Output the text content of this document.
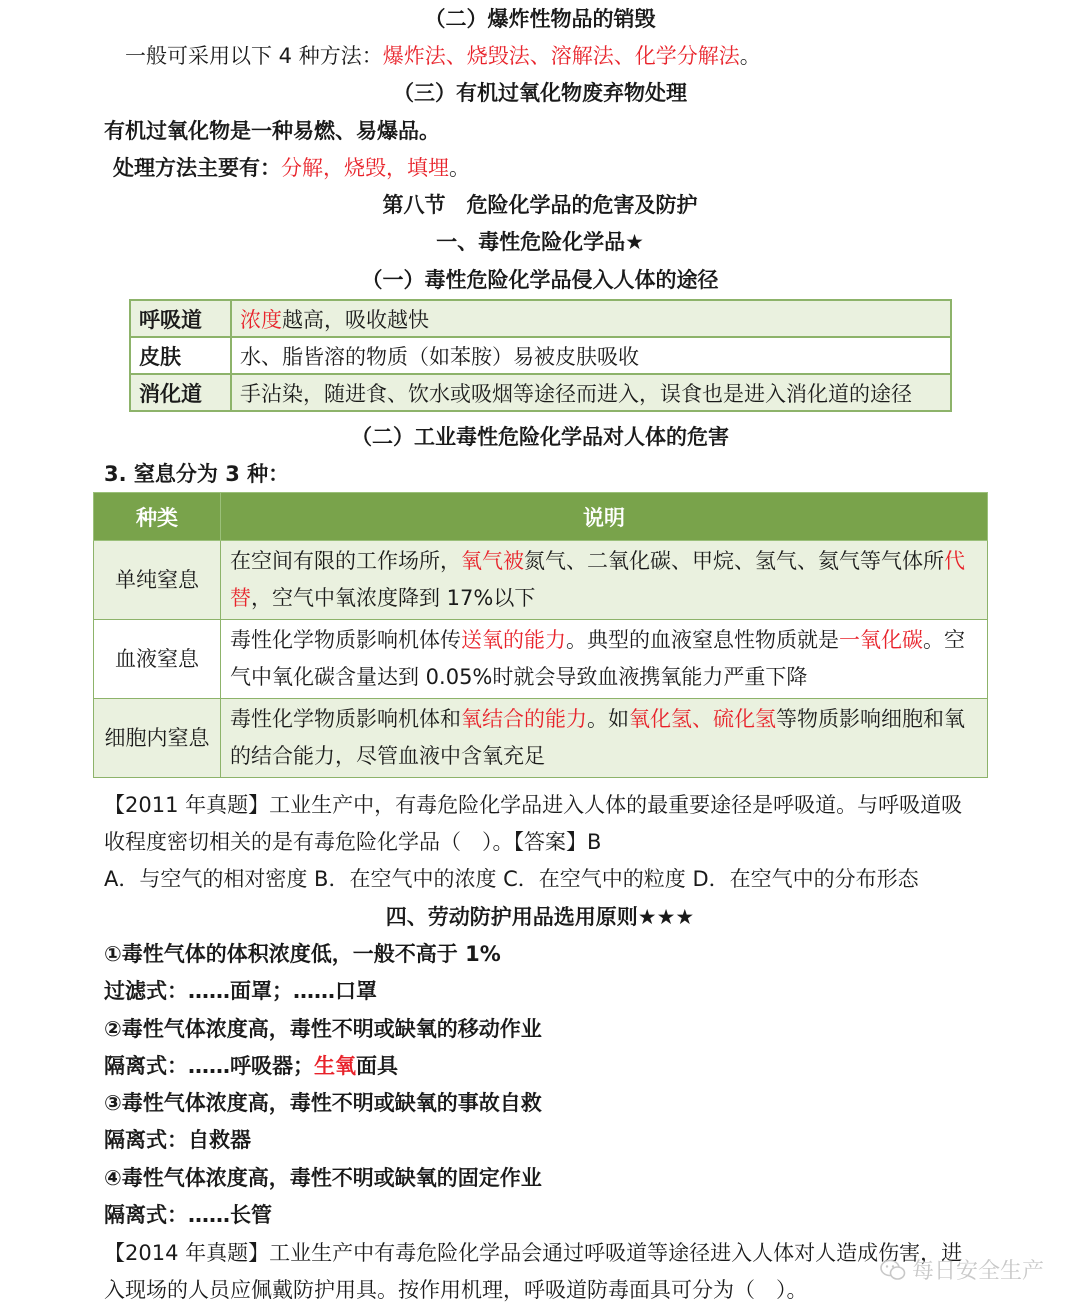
（二）爆炸性物品的销毁
一般可采用以下 4 种方法：爆炸法、烧毁法、溶解法、化学分解法。
（三）有机过氧化物废弃物处理
有机过氧化物是一种易燃、易爆品。
处理方法主要有：分解，烧毁，填埋。
第八节　危险化学品的危害及防护
一、毒性危险化学品★
（一）毒性危险化学品侵入人体的途径
呼吸道	浓度越高，吸收越快
皮肤	水、脂皆溶的物质（如苯胺）易被皮肤吸收
消化道	手沾染，随进食、饮水或吸烟等途径而进入，误食也是进入消化道的途径
（二）工业毒性危险化学品对人体的危害
3. 窒息分为 3 种：
种类	说明
单纯窒息	在空间有限的工作场所，氧气被氮气、二氧化碳、甲烷、氢气、氦气等气体所代替，空气中氧浓度降到 17%以下
血液窒息	毒性化学物质影响机体传送氧的能力。典型的血液窒息性物质就是一氧化碳。空气中氧化碳含量达到 0.05%时就会导致血液携氧能力严重下降
细胞内窒息	毒性化学物质影响机体和氧结合的能力。如氧化氢、硫化氢等物质影响细胞和氧的结合能力，尽管血液中含氧充足
【2011 年真题】工业生产中，有毒危险化学品进入人体的最重要途径是呼吸道。与呼吸道吸
收程度密切相关的是有毒危险化学品（　）。【答案】B
A．与空气的相对密度 B．在空气中的浓度 C．在空气中的粒度 D．在空气中的分布形态
四、劳动防护用品选用原则★★★
①毒性气体的体积浓度低，一般不高于 1%
过滤式：……面罩；……口罩
②毒性气体浓度高，毒性不明或缺氧的移动作业
隔离式：……呼吸器；生氧面具
③毒性气体浓度高，毒性不明或缺氧的事故自救
隔离式：自救器
④毒性气体浓度高，毒性不明或缺氧的固定作业
隔离式：……长管
【2014 年真题】工业生产中有毒危险化学品会通过呼吸道等途径进入人体对人造成伤害，进
入现场的人员应佩戴防护用具。按作用机理，呼吸道防毒面具可分为（　）。
每日安全生产
